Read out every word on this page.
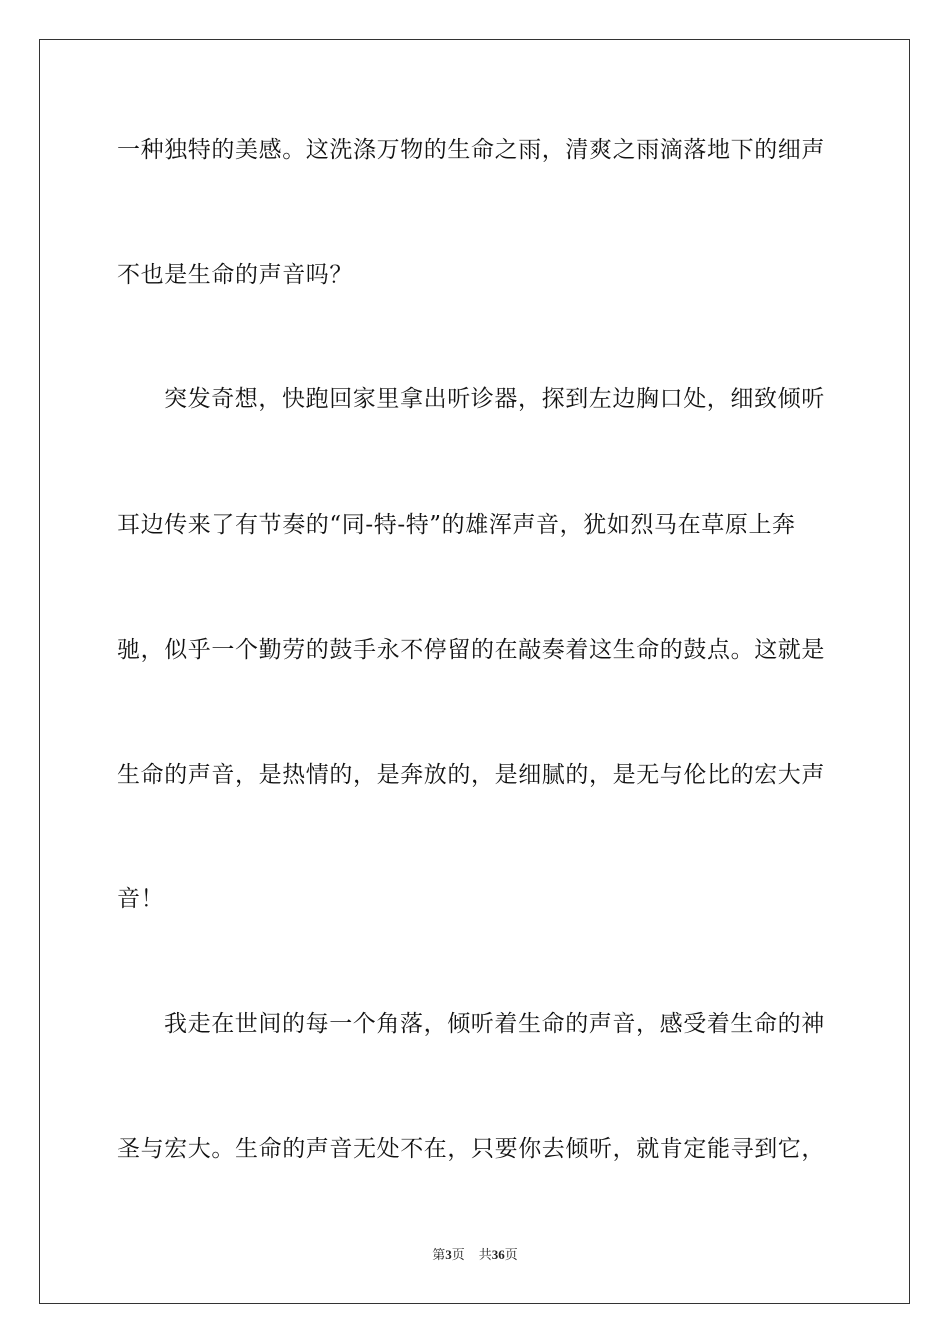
一种独特的美感。这洗涤万物的生命之雨，清爽之雨滴落地下的细声
不也是生命的声音吗？
突发奇想，快跑回家里拿出听诊器，探到左边胸口处，细致倾听
耳边传来了有节奏的“同-特-特”的雄浑声音，犹如烈马在草原上奔
驰，似乎一个勤劳的鼓手永不停留的在敲奏着这生命的鼓点。这就是
生命的声音，是热情的，是奔放的，是细腻的，是无与伦比的宏大声
音！
我走在世间的每一个角落，倾听着生命的声音，感受着生命的神
圣与宏大。生命的声音无处不在，只要你去倾听，就肯定能寻到它，
第3页 共36页
